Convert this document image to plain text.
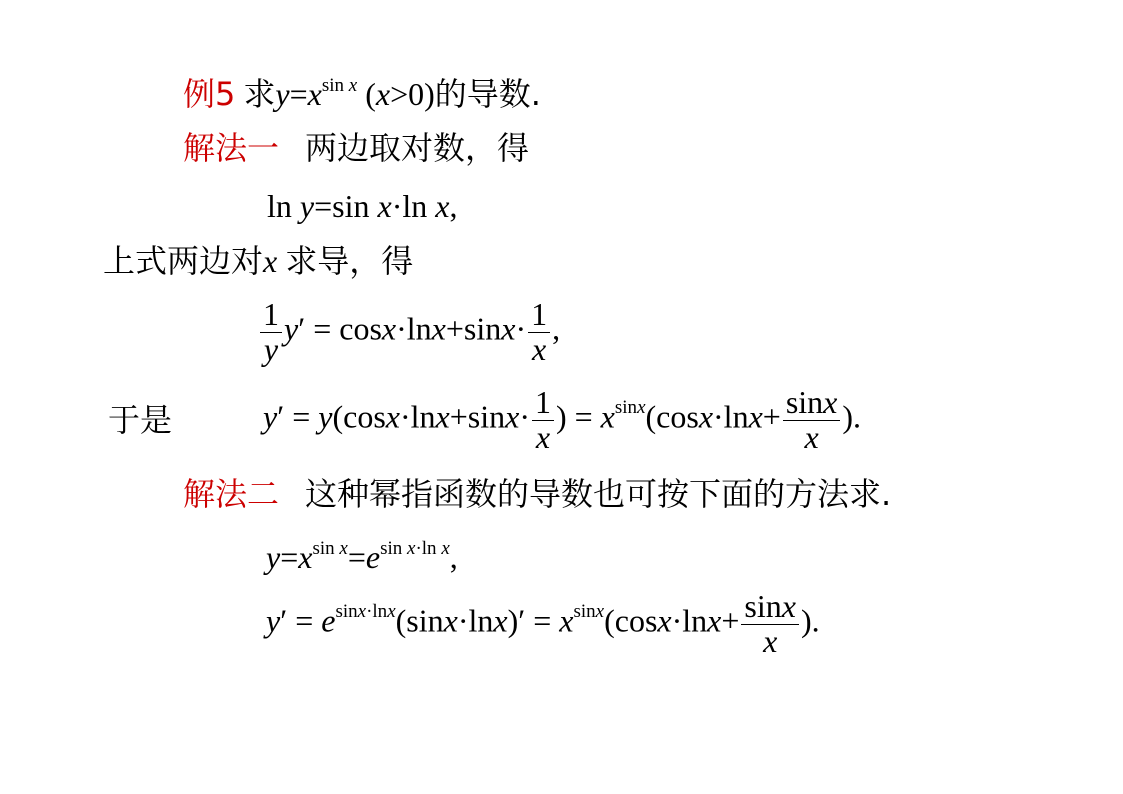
例5 求$y=x^{sin x}$ (x>0)的导数.
解法一 两边取对数，得
ln y=sin x·ln x,
上式两边对x 求导，得
$\frac{1}{y} y' = \cos x\cdot\ln x+\sin x\cdot \frac{1}{x}$ ,
于是	$y' = y(\cos x\cdot\ln x+\sin x\cdot \frac{1}{x}$ ) = $x^{sinx}(\cos x\cdot\ln x+ \frac{\sin x}{x}$ ).
解法二 这种幂指函数的导数也可按下面的方法求.
$y=x^{sin x}=e^{sin x\cdot ln x}$,
$y' = e^{sinx\cdot lnx}(\sin x\cdot\ln x)' = x^{sinx}(\cos x\cdot\ln x+ \frac{\sin x}{x}$ ).
